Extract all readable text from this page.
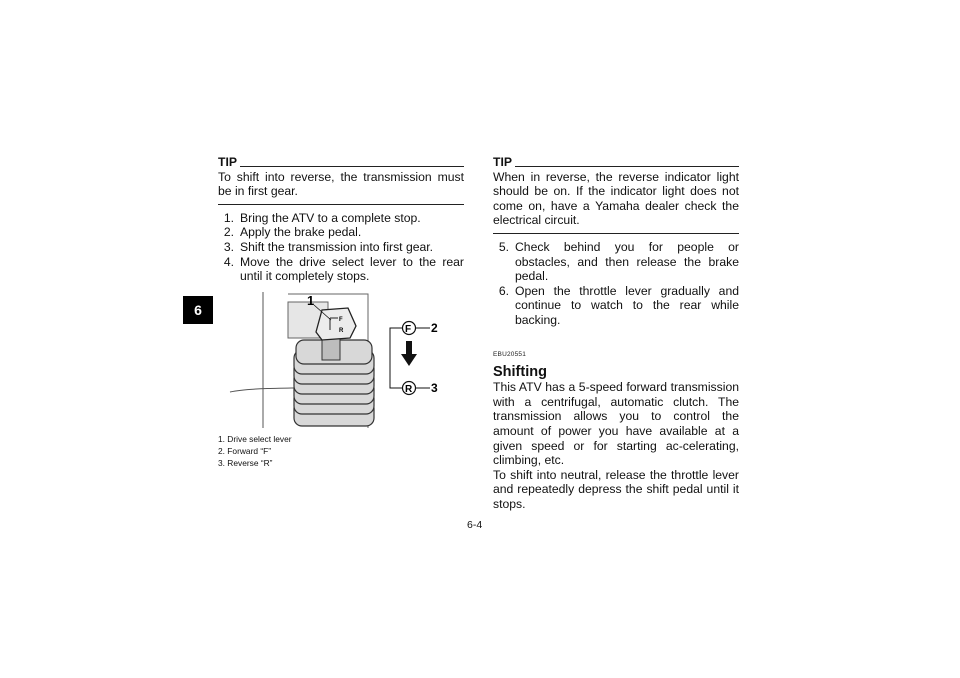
6
TIP
To shift into reverse, the transmission must be in first gear.
1. Bring the ATV to a complete stop.
2. Apply the brake pedal.
3. Shift the transmission into first gear.
4. Move the drive select lever to the rear until it completely stops.
F
R
1
F 2
R 3
1. Drive select lever
2. Forward “F”
3. Reverse “R”
TIP
When in reverse, the reverse indicator light should be on. If the indicator light does not come on, have a Yamaha dealer check the electrical circuit.
5. Check behind you for people or obstacles, and then release the brake pedal.
6. Open the throttle lever gradually and continue to watch to the rear while backing.
EBU20551
Shifting
This ATV has a 5-speed forward transmission with a centrifugal, automatic clutch. The transmission allows you to control the amount of power you have available at a given speed or for starting ac-celerating, climbing, etc.
To shift into neutral, release the throttle lever and repeatedly depress the shift pedal until it stops.
6-4
